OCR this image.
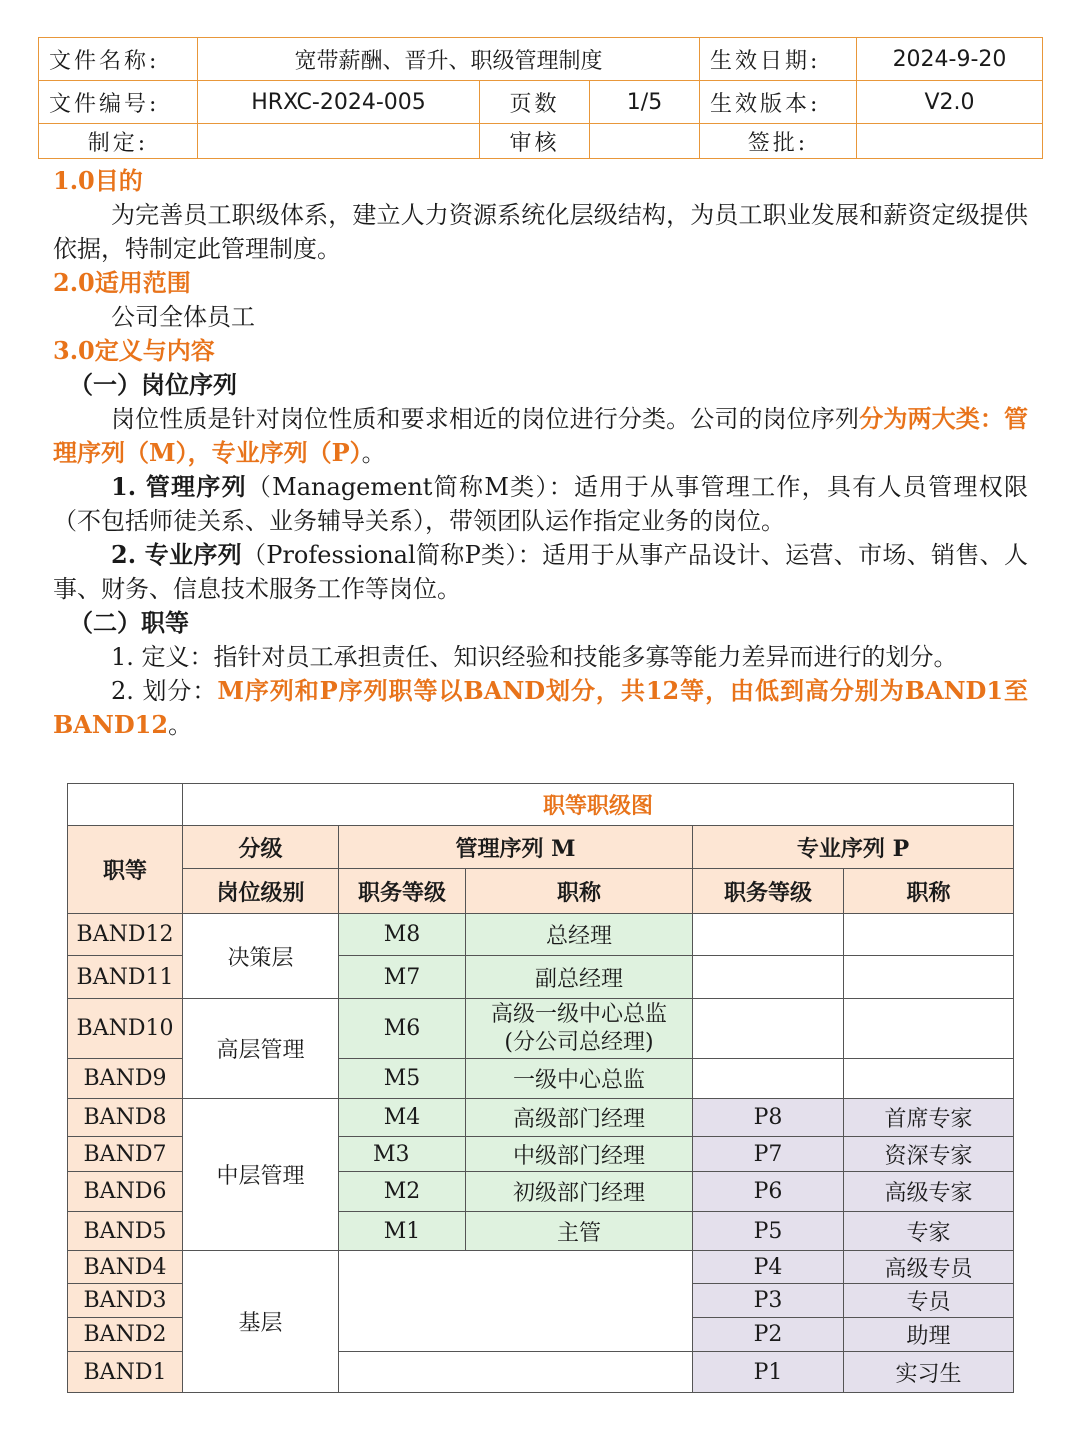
文件名称:	宽带薪酬、晋升、职级管理制度			生效日期:	2024-9-20
文件编号:	HRXC-2024-005	页数	1/5	生效版本:	V2.0
制定:		审核		签批:	
1.0目的
为完善员工职级体系，建立人力资源系统化层级结构，为员工职业发展和薪资定级提供依据，特制定此管理制度。
2.0适用范围
公司全体员工
3.0定义与内容
（一）岗位序列
岗位性质是针对岗位性质和要求相近的岗位进行分类。公司的岗位序列分为两大类：管理序列（M），专业序列（P）。
1. 管理序列（Management简称M类）：适用于从事管理工作，具有人员管理权限（不包括师徒关系、业务辅导关系），带领团队运作指定业务的岗位。
2. 专业序列（Professional简称P类）：适用于从事产品设计、运营、市场、销售、人事、财务、信息技术服务工作等岗位。
（二）职等
1. 定义：指针对员工承担责任、知识经验和技能多寡等能力差异而进行的划分。
2. 划分：M序列和P序列职等以BAND划分，共12等，由低到高分别为BAND1至BAND12。
	职等职级图				
职等	分级	管理序列 M		专业序列 P	
	岗位级别	职务等级	职称	职务等级	职称
BAND12	决策层	M8	总经理		
BAND11		M7	副总经理		
BAND10	高层管理	M6	高级一级中心总监
(分公司总经理)		

BAND9		M5	一级中心总监		
BAND8	中层管理	M4	高级部门经理	P8	首席专家
BAND7		M3	中级部门经理	P7	资深专家
BAND6		M2	初级部门经理	P6	高级专家
BAND5		M1	主管	P5	专家
BAND4	基层			P4	高级专员
BAND3				P3	专员
BAND2				P2	助理
BAND1				P1	实习生
